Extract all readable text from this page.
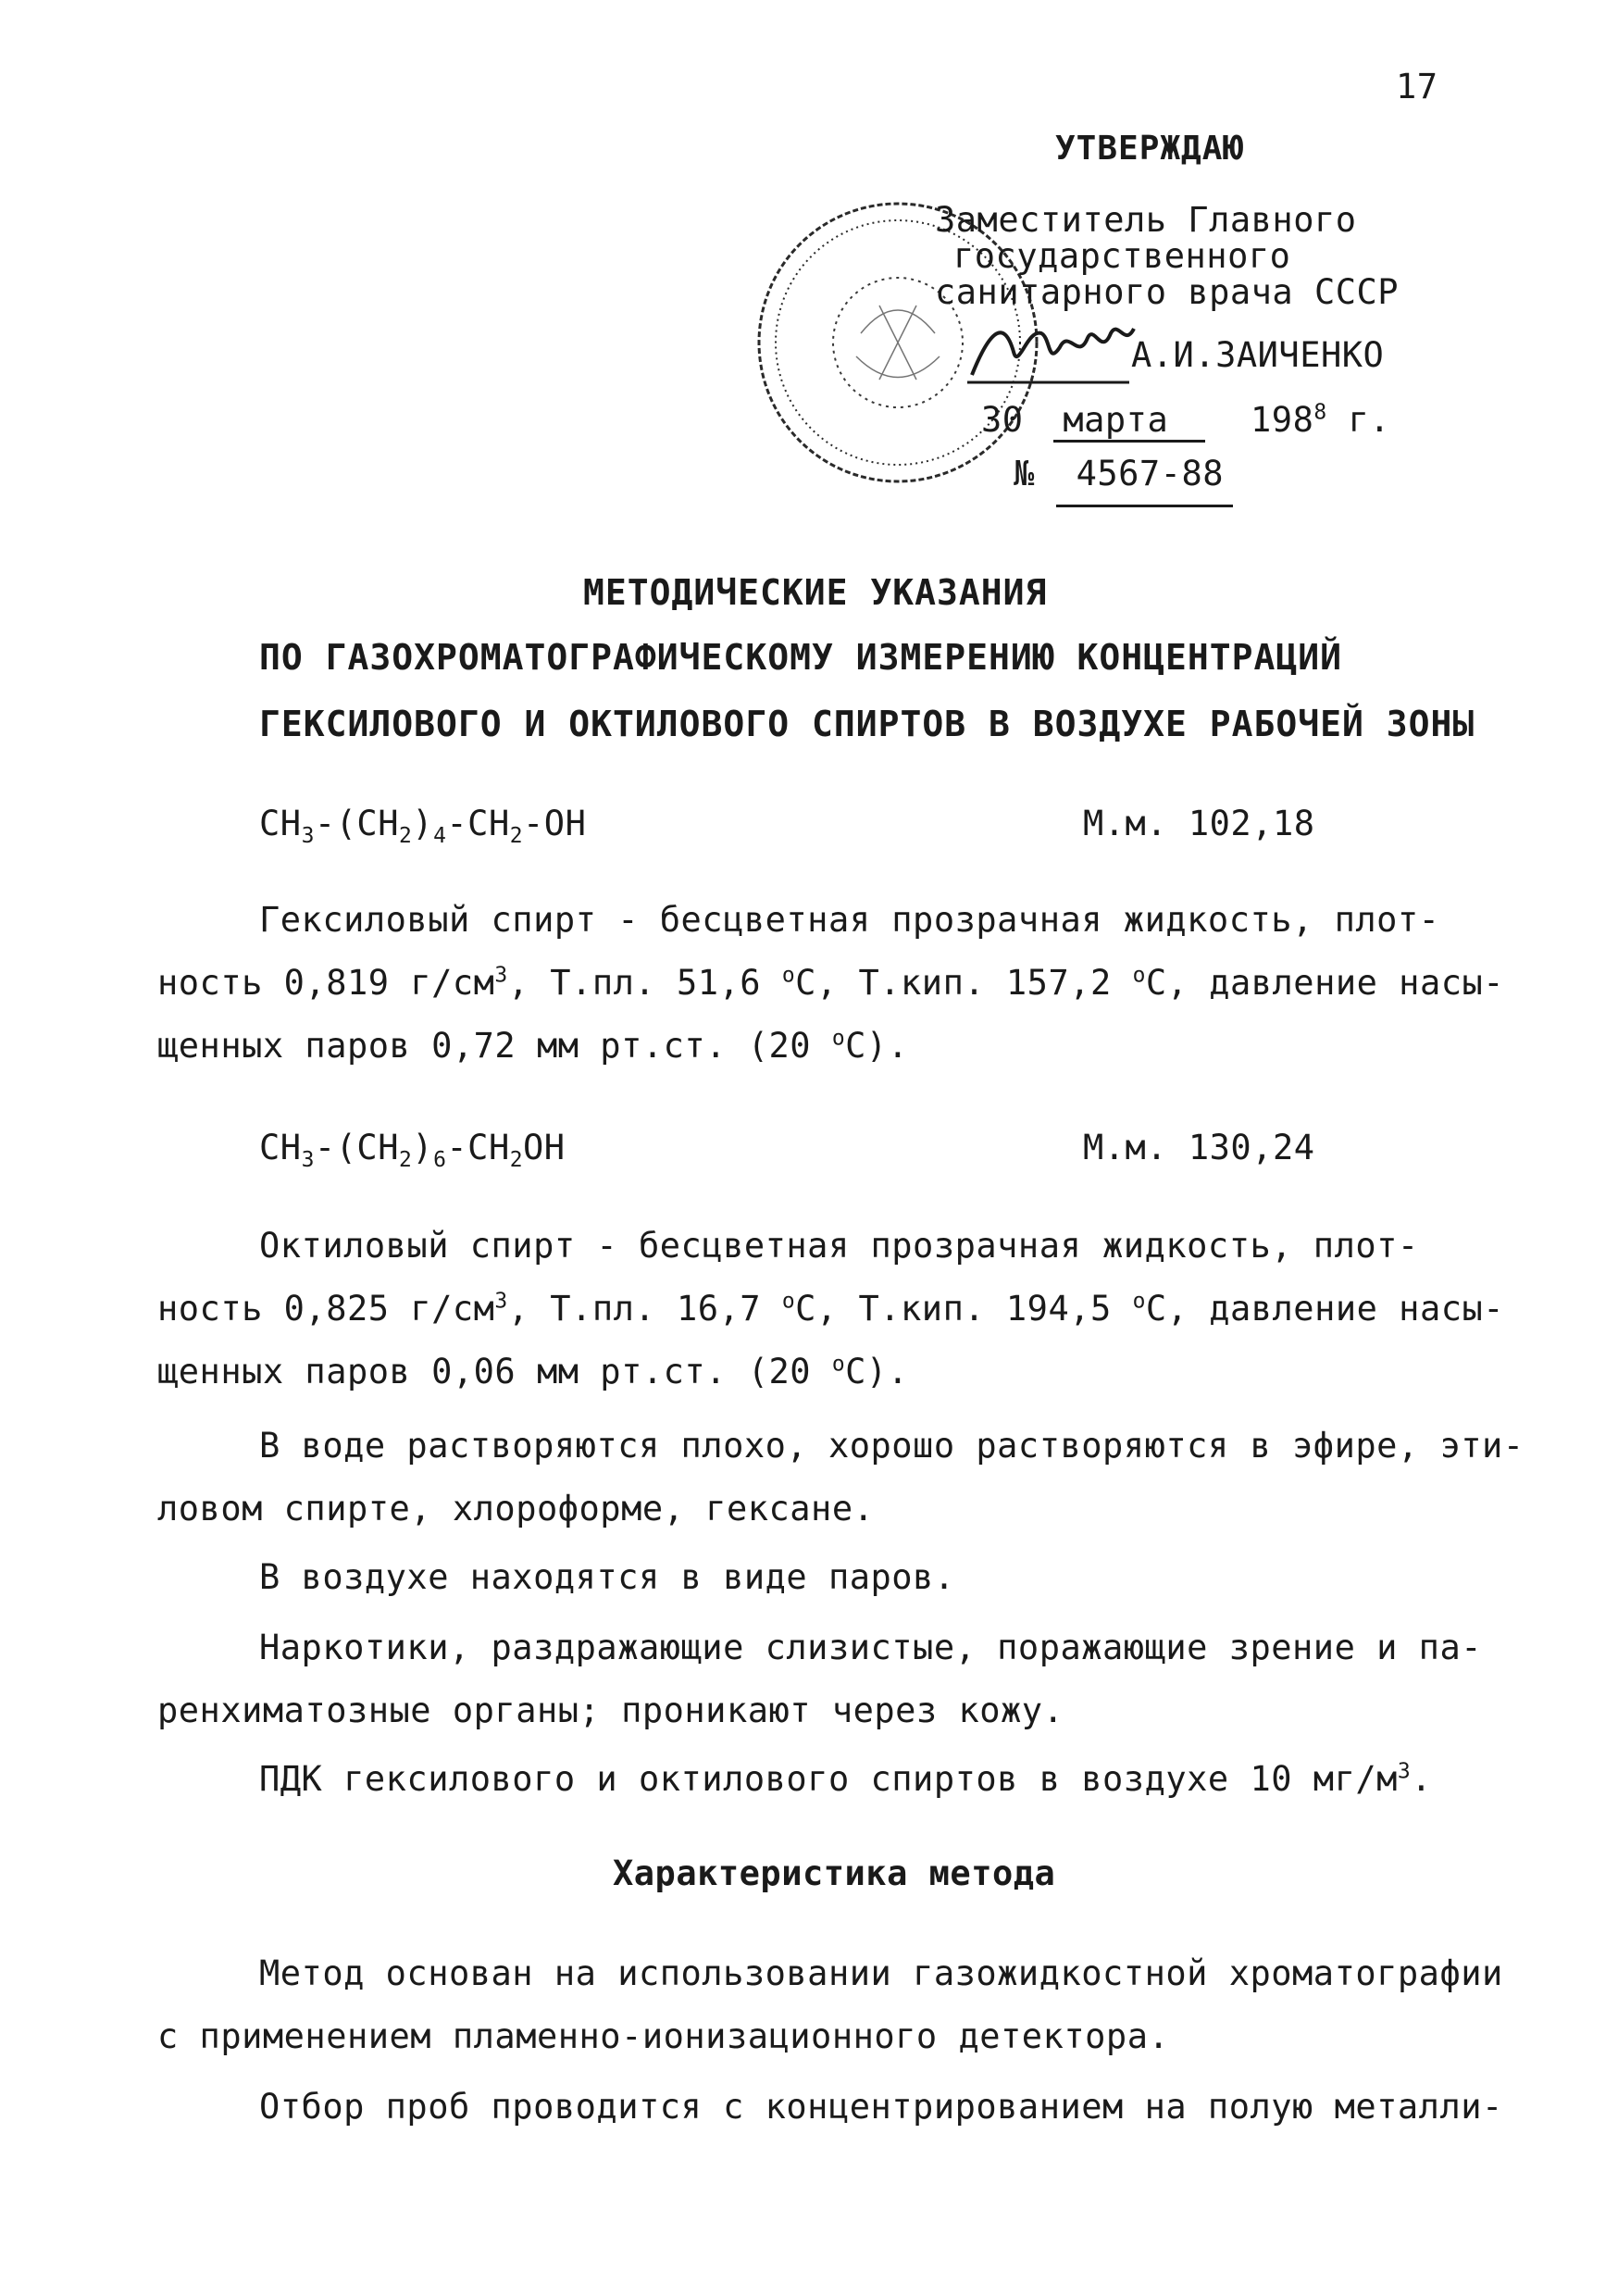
17
УТВЕРЖДАЮ
Заместитель Главного
государственного
санитарного врача СССР
А.И.ЗАИЧЕНКО
30 марта $198^8$ г.
№ 4567-88
МЕТОДИЧЕСКИЕ УКАЗАНИЯ
ПО ГАЗОХРОМАТОГРАФИЧЕСКОМУ ИЗМЕРЕНИЮ КОНЦЕНТРАЦИЙ
ГЕКСИЛОВОГО И ОКТИЛОВОГО СПИРТОВ В ВОЗДУХЕ РАБОЧЕЙ ЗОНЫ
$CH_3-(CH_2)_4-CH_2-OH$	М.м. 102,18
Гексиловый спирт - бесцветная прозрачная жидкость, плот-
ность 0,819 $г/см^3$, Т.пл. 51,6 $^o$С, Т.кип. 157,2 $^o$С, давление насы-
щенных паров 0,72 мм рт.ст. (20 $^o$С).
$CH_3-(CH_2)_6-CH_2OH$	М.м. 130,24
Октиловый спирт - бесцветная прозрачная жидкость, плот-
ность 0,825 $г/см^3$, Т.пл. 16,7 $^o$С, Т.кип. 194,5 $^o$С, давление насы-
щенных паров 0,06 мм рт.ст. (20 $^o$С).
В воде растворяются плохо, хорошо растворяются в эфире, эти-
ловом спирте, хлороформе, гексане.
В воздухе находятся в виде паров.
Наркотики, раздражающие слизистые, поражающие зрение и па-
ренхиматозные органы; проникают через кожу.
ПДК гексилового и октилового спиртов в воздухе 10 $мг/м^3$.
Характеристика метода
Метод основан на использовании газожидкостной хроматографии
с применением пламенно-ионизационного детектора.
Отбор проб проводится с концентрированием на полую металли-
